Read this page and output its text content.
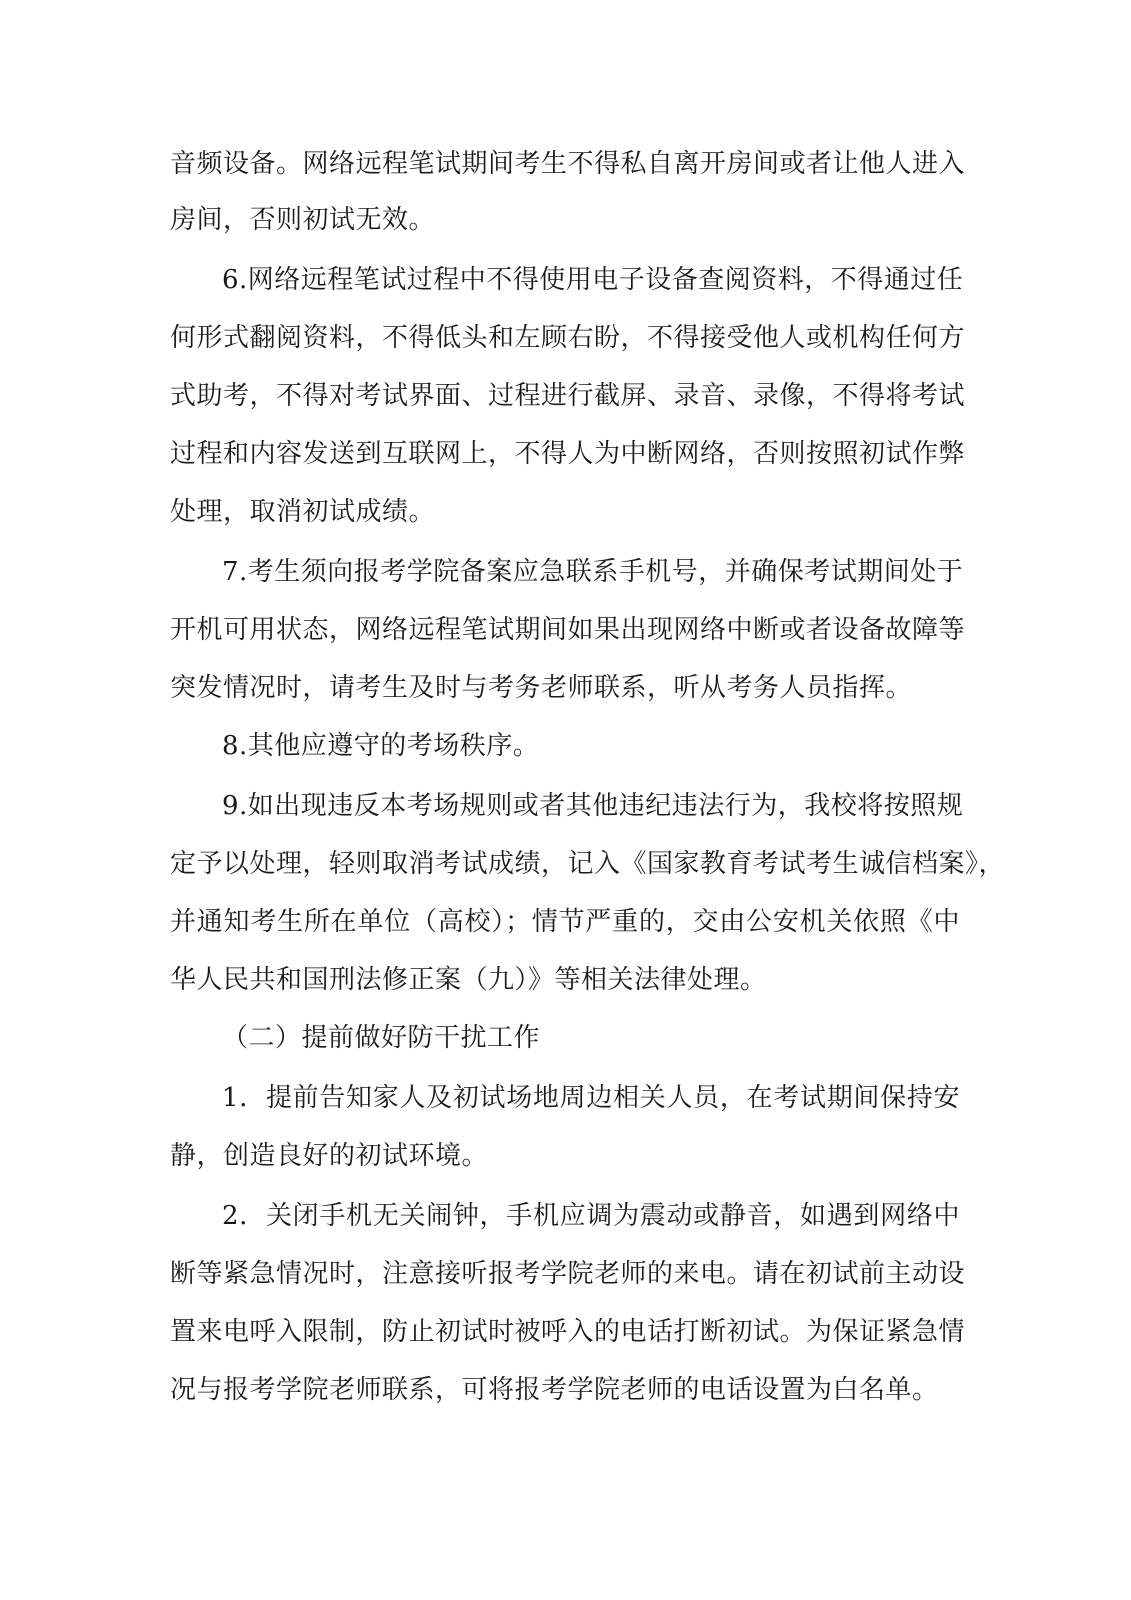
音频设备。网络远程笔试期间考生不得私自离开房间或者让他人进入
房间，否则初试无效。
6.网络远程笔试过程中不得使用电子设备查阅资料，不得通过任
何形式翻阅资料，不得低头和左顾右盼，不得接受他人或机构任何方
式助考，不得对考试界面、过程进行截屏、录音、录像，不得将考试
过程和内容发送到互联网上，不得人为中断网络，否则按照初试作弊
处理，取消初试成绩。
7.考生须向报考学院备案应急联系手机号，并确保考试期间处于
开机可用状态，网络远程笔试期间如果出现网络中断或者设备故障等
突发情况时，请考生及时与考务老师联系，听从考务人员指挥。
8.其他应遵守的考场秩序。
9.如出现违反本考场规则或者其他违纪违法行为，我校将按照规
定予以处理，轻则取消考试成绩，记入《国家教育考试考生诚信档案》，
并通知考生所在单位（高校）；情节严重的，交由公安机关依照《中
华人民共和国刑法修正案（九）》等相关法律处理。
（二）提前做好防干扰工作
1．提前告知家人及初试场地周边相关人员，在考试期间保持安
静，创造良好的初试环境。
2．关闭手机无关闹钟，手机应调为震动或静音，如遇到网络中
断等紧急情况时，注意接听报考学院老师的来电。请在初试前主动设
置来电呼入限制，防止初试时被呼入的电话打断初试。为保证紧急情
况与报考学院老师联系，可将报考学院老师的电话设置为白名单。
